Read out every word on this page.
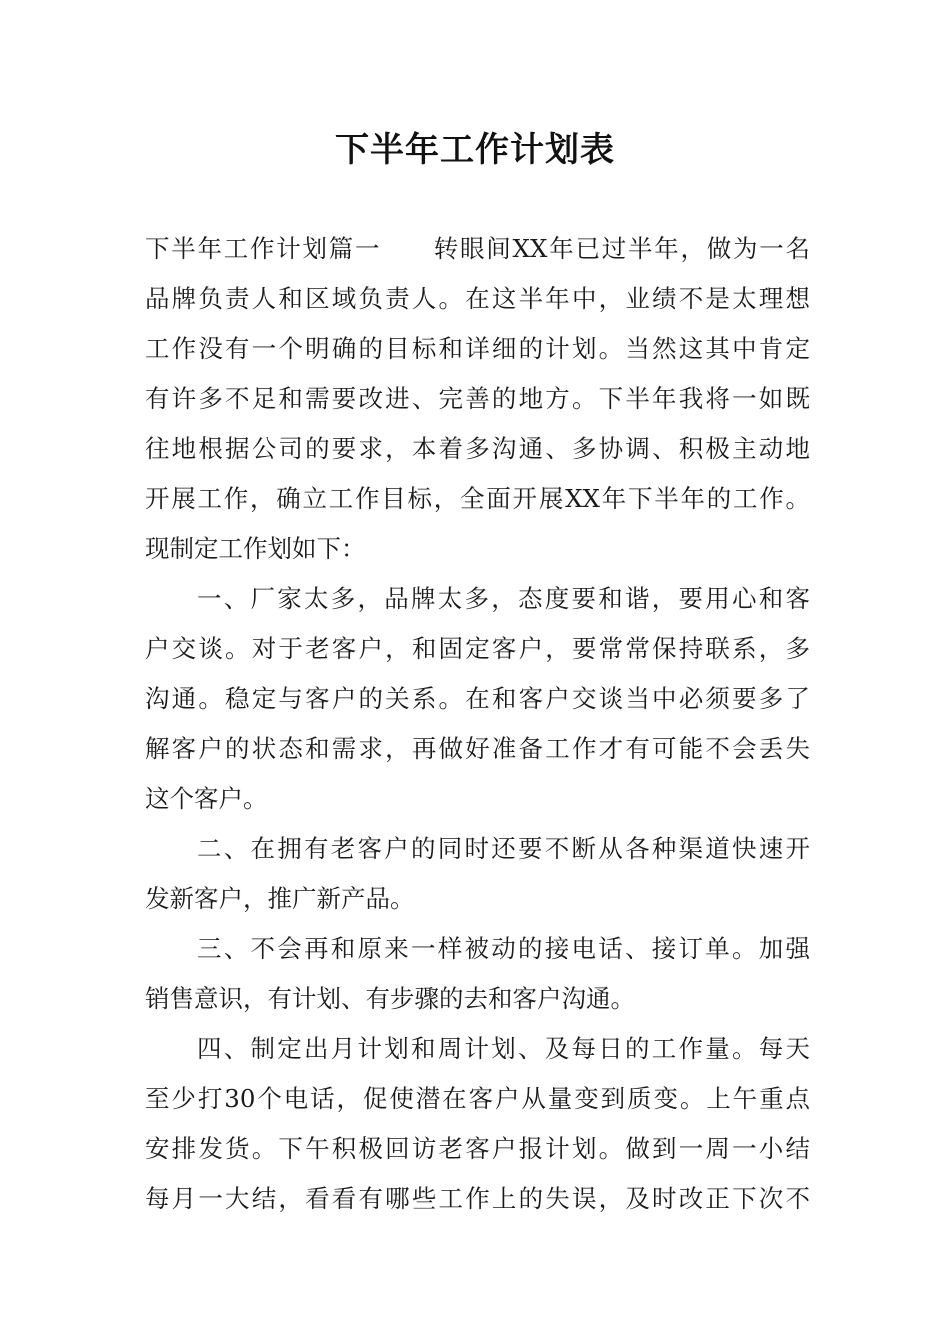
下半年工作计划表
下半年工作计划篇一　　转眼间XX年已过半年，做为一名
品牌负责人和区域负责人。在这半年中，业绩不是太理想
工作没有一个明确的目标和详细的计划。当然这其中肯定
有许多不足和需要改进、完善的地方。下半年我将一如既
往地根据公司的要求，本着多沟通、多协调、积极主动地
开展工作，确立工作目标，全面开展XX年下半年的工作。
现制定工作划如下：
一、厂家太多，品牌太多，态度要和谐，要用心和客
户交谈。对于老客户，和固定客户，要常常保持联系，多
沟通。稳定与客户的关系。在和客户交谈当中必须要多了
解客户的状态和需求，再做好准备工作才有可能不会丢失
这个客户。
二、在拥有老客户的同时还要不断从各种渠道快速开
发新客户，推广新产品。
三、不会再和原来一样被动的接电话、接订单。加强
销售意识，有计划、有步骤的去和客户沟通。
四、制定出月计划和周计划、及每日的工作量。每天
至少打30个电话，促使潜在客户从量变到质变。上午重点
安排发货。下午积极回访老客户报计划。做到一周一小结
每月一大结，看看有哪些工作上的失误，及时改正下次不
